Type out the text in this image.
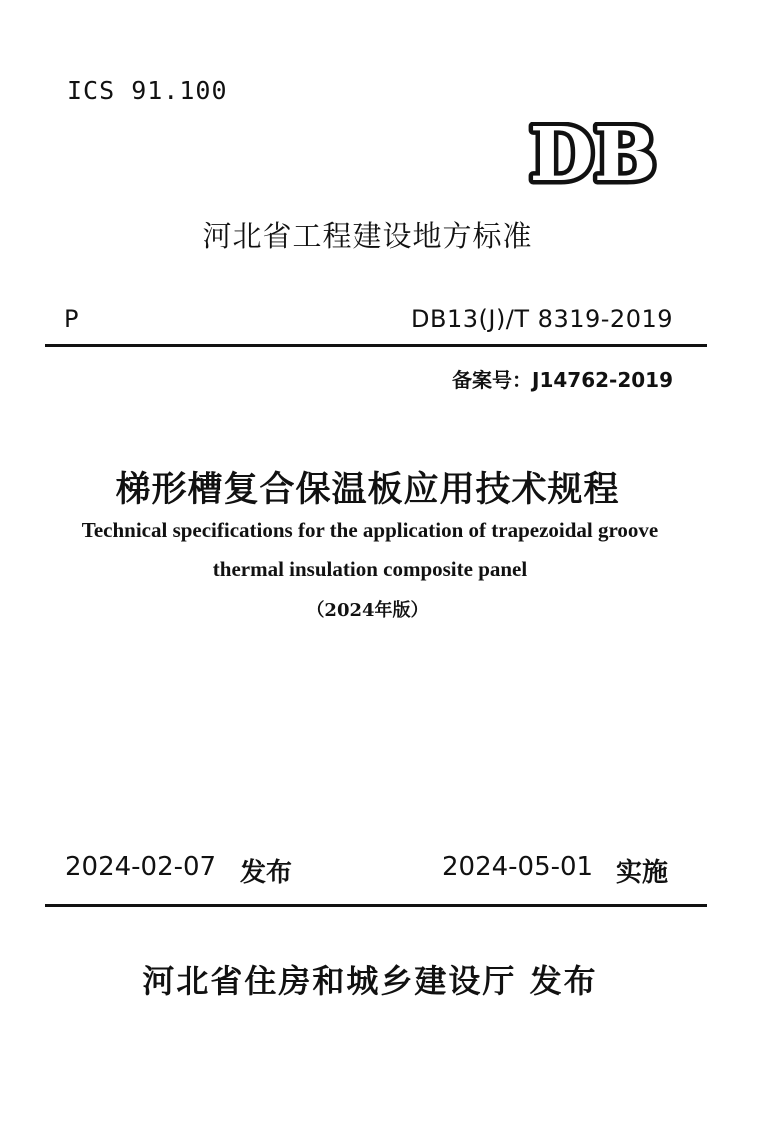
ICS 91.100
DB
河北省工程建设地方标准
P	DB13(J)/T 8319-2019
备案号：J14762-2019
梯形槽复合保温板应用技术规程
Technical specifications for the application of trapezoidal groove
thermal insulation composite panel
（2024年版）
2024-02-07 发布	2024-05-01 实施
河北省住房和城乡建设厅 发布
